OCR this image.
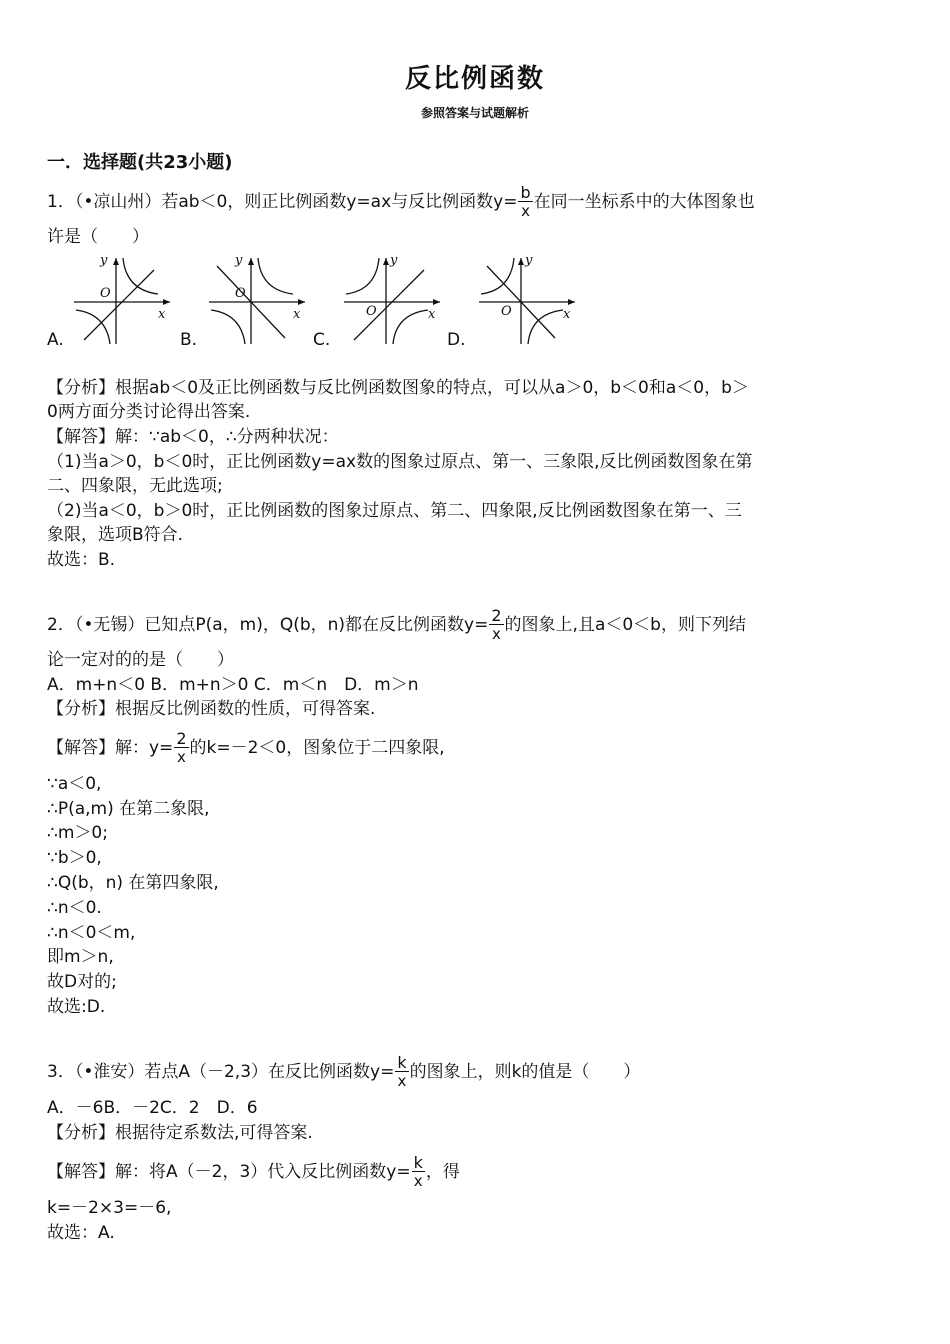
反比例函数
参照答案与试题解析
一．选择题(共23小题)
1．（•凉山州）若ab＜0，则正比例函数y=ax与反比例函数$y= \frac{b}{x}$ 在同一坐标系中的大体图象也
许是（　　）
y
O
x
y
O
x
y
O	x
y
O	x
A.	B.	C.	D.
【分析】根据ab＜0及正比例函数与反比例函数图象的特点，可以从a＞0，b＜0和a＜0，b＞
0两方面分类讨论得出答案.
【解答】解：∵ab＜0，∴分两种状况：
（1)当a＞0，b＜0时，正比例函数y=ax数的图象过原点、第一、三象限,反比例函数图象在第
二、四象限，无此选项;
（2)当a＜0，b＞0时，正比例函数的图象过原点、第二、四象限,反比例函数图象在第一、三
象限，选项B符合.
故选：B.
2．（•无锡）已知点P(a，m)，Q(b，n)都在反比例函数$y= \frac{2}{x}$ 的图象上,且a＜0＜b，则下列结
论一定对的的是（　　）
A．m+n＜0 B．m+n＞0 C．m＜n　D．m＞n
【分析】根据反比例函数的性质，可得答案.
【解答】解：$y= \frac{2}{x}$ 的k=－2＜0，图象位于二四象限,
∵a＜0,
∴P(a,m) 在第二象限,
∴m＞0;
∵b＞0,
∴Q(b，n) 在第四象限,
∴n＜0.
∴n＜0＜m,
即m＞n,
故D对的;
故选:D.
3．（•淮安）若点A（－2,3）在反比例函数$y= \frac{k}{x}$ 的图象上，则k的值是（　　）
A．－6B．－2C．2　D．6
【分析】根据待定系数法,可得答案.
【解答】解：将A（－2，3）代入反比例函数$y= \frac{k}{x}$ ，得
k=－2×3=－6,
故选：A.
